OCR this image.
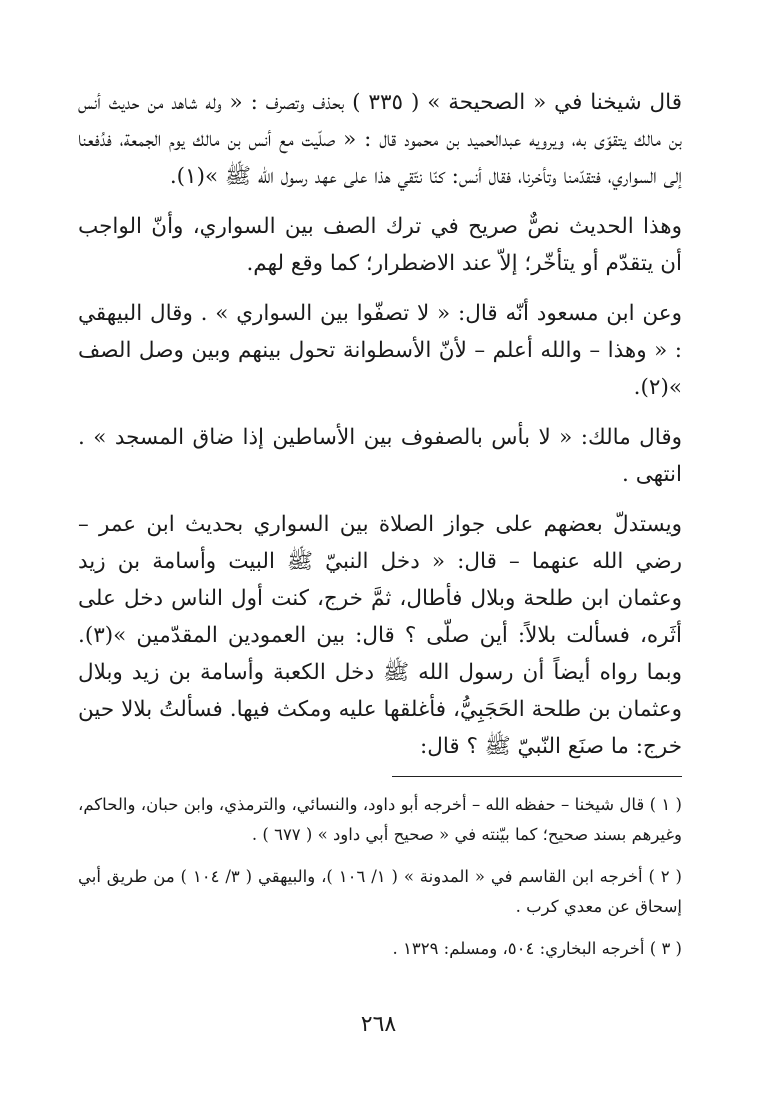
قال شيخنا في « الصحيحة » ( ٣٣٥ ) بحذف وتصرف : « وله شاهد من حديث أنس بن مالك يتقوّى به، ويرويه عبدالحميد بن محمود قال : « صلّيت مع أنس بن مالك يوم الجمعة، فدُفعنا إلى السواري، فتقدّمنا وتأخرنا، فقال أنس: كنّا نتّقي هذا على عهد رسول الله ﷺ »(١).

وهذا الحديث نصٌّ صريح في ترك الصف بين السواري، وأنّ الواجب أن يتقدّم أو يتأخّر؛ إلاّ عند الاضطرار؛ كما وقع لهم.

وعن ابن مسعود أنّه قال: « لا تصفّوا بين السواري » . وقال البيهقي : « وهذا – والله أعلم – لأنّ الأسطوانة تحول بينهم وبين وصل الصف »(٢).

وقال مالك: « لا بأس بالصفوف بين الأساطين إذا ضاق المسجد » . انتهى .

ويستدلّ بعضهم على جواز الصلاة بين السواري بحديث ابن عمر – رضي الله عنهما – قال: « دخل النبيّ ﷺ البيت وأسامة بن زيد وعثمان ابن طلحة وبلال فأطال، ثمَّ خرج، كنت أول الناس دخل على أثَره، فسألت بلالاً: أين صلّى ؟ قال: بين العمودين المقدّمين »(٣). وبما رواه أيضاً أن رسول الله ﷺ دخل الكعبة وأسامة بن زيد وبلال وعثمان بن طلحة الحَجَبِيُّ، فأغلقها عليه ومكث فيها. فسألتُ بلالا حين خرج: ما صنَع النّبيّ ﷺ ؟ قال:

( ١ ) قال شيخنا – حفظه الله – أخرجه أبو داود، والنسائي، والترمذي، وابن حبان، والحاكم، وغيرهم بسند صحيح؛ كما بيّنته في « صحيح أبي داود » ( ٦٧٧ ) .

( ٢ ) أخرجه ابن القاسم في « المدونة » ( ١/ ١٠٦ )، والبيهقي ( ٣/ ١٠٤ ) من طريق أبي إسحاق عن معدي كرب .

( ٣ ) أخرجه البخاري: ٥٠٤، ومسلم: ١٣٢٩ .

٢٦٨
